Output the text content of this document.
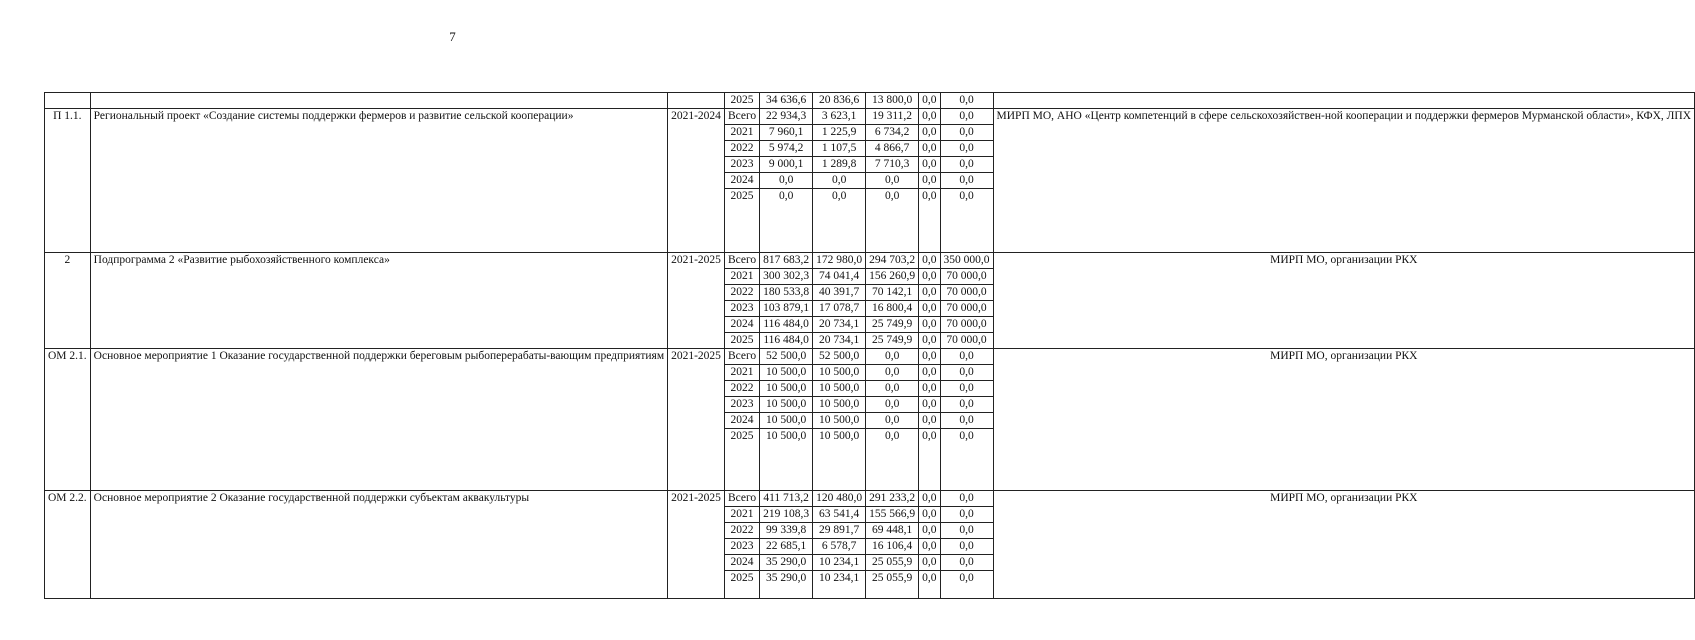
7
			2025	34 636,6	20 836,6	13 800,0	0,0	0,0	
П 1.1.	Региональный проект «Создание системы поддержки фермеров и развитие сельской кооперации»	2021-2024	Всего	22 934,3	3 623,1	19 311,2	0,0	0,0	МИРП МО, АНО «Центр компетенций в сфере сельскохозяйствен-ной кооперации и поддержки фермеров Мурманской области», КФХ, ЛПХ
			2021	7 960,1	1 225,9	6 734,2	0,0	0,0	
			2022	5 974,2	1 107,5	4 866,7	0,0	0,0	
			2023	9 000,1	1 289,8	7 710,3	0,0	0,0	
			2024	0,0	0,0	0,0	0,0	0,0	
			2025	0,0	0,0	0,0	0,0	0,0	
2	Подпрограмма 2 «Развитие рыбохозяйственного комплекса»	2021-2025	Всего	817 683,2	172 980,0	294 703,2	0,0	350 000,0	МИРП МО, организации РКХ
			2021	300 302,3	74 041,4	156 260,9	0,0	70 000,0	
			2022	180 533,8	40 391,7	70 142,1	0,0	70 000,0	
			2023	103 879,1	17 078,7	16 800,4	0,0	70 000,0	
			2024	116 484,0	20 734,1	25 749,9	0,0	70 000,0	
			2025	116 484,0	20 734,1	25 749,9	0,0	70 000,0	
ОМ 2.1.	Основное мероприятие 1 Оказание государственной поддержки береговым рыбоперерабаты-вающим предприятиям	2021-2025	Всего	52 500,0	52 500,0	0,0	0,0	0,0	МИРП МО, организации РКХ
			2021	10 500,0	10 500,0	0,0	0,0	0,0	
			2022	10 500,0	10 500,0	0,0	0,0	0,0	
			2023	10 500,0	10 500,0	0,0	0,0	0,0	
			2024	10 500,0	10 500,0	0,0	0,0	0,0	
			2025	10 500,0	10 500,0	0,0	0,0	0,0	
ОМ 2.2.	Основное мероприятие 2 Оказание государственной поддержки субъектам аквакультуры	2021-2025	Всего	411 713,2	120 480,0	291 233,2	0,0	0,0	МИРП МО, организации РКХ
			2021	219 108,3	63 541,4	155 566,9	0,0	0,0	
			2022	99 339,8	29 891,7	69 448,1	0,0	0,0	
			2023	22 685,1	6 578,7	16 106,4	0,0	0,0	
			2024	35 290,0	10 234,1	25 055,9	0,0	0,0	
			2025	35 290,0	10 234,1	25 055,9	0,0	0,0	
